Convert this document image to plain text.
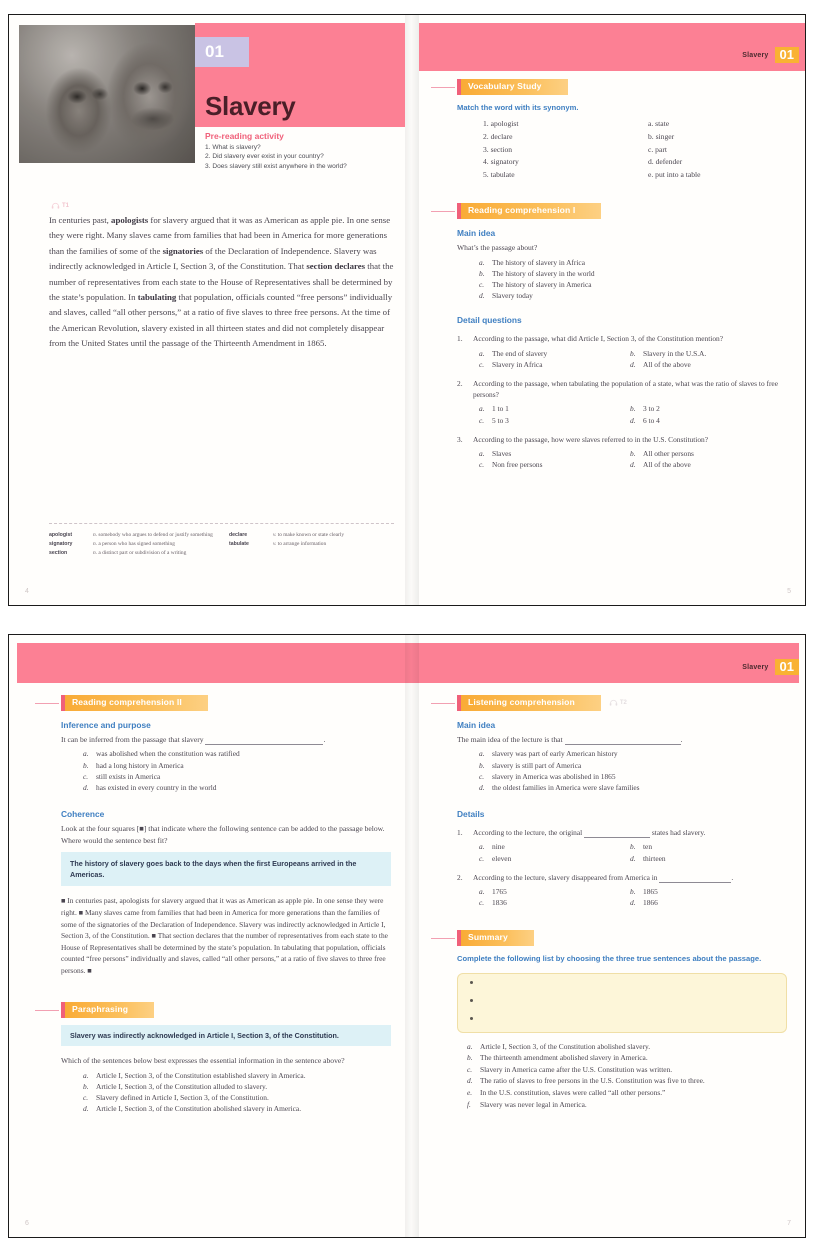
01
Slavery
Pre-reading activity
1. What is slavery?
2. Did slavery ever exist in your country?
3. Does slavery still exist anywhere in the world?
Slavery 01
T1
In centuries past, apologists for slavery argued that it was as American as apple pie. In one sense they were right. Many slaves came from families that had been in America for more generations than the families of some of the signatories of the Declaration of Independence. Slavery was indirectly acknowledged in Article I, Section 3, of the Constitution. That section declares that the number of representatives from each state to the House of Representatives shall be determined by the state’s population. In tabulating that population, officials counted “free persons” individually and slaves, called “all other persons,” at a ratio of five slaves to three free persons. At the time of the American Revolution, slavery existed in all thirteen states and did not completely disappear from the United States until the passage of the Thirteenth Amendment in 1865.
apologist	n. somebody who argues to defend or justify something
signatory	n. a person who has signed something
section	n. a distinct part or subdivision of a writing
declare	v. to make known or state clearly
tabulate	v. to arrange information
4
Vocabulary Study
Match the word with its synonym.
1. apologist
2. declare
3. section
4. signatory
5. tabulate
a. state
b. singer
c. part
d. defender
e. put into a table
Reading comprehension I
Main idea
What’s the passage about?
a.	The history of slavery in Africa
b.	The history of slavery in the world
c.	The history of slavery in America
d.	Slavery today
Detail questions
1.	According to the passage, what did Article I, Section 3, of the Constitution mention?
a.	The end of slavery	b.	Slavery in the U.S.A.
c.	Slavery in Africa	d.	All of the above
2.	According to the passage, when tabulating the population of a state, what was the ratio of slaves to free persons?
a.	1 to 1	b.	3 to 2
c.	5 to 3	d.	6 to 4
3.	According to the passage, how were slaves referred to in the U.S. Constitution?
a.	Slaves	b.	All other persons
c.	Non free persons	d.	All of the above
5
Slavery 01
Reading comprehension II
Inference and purpose
It can be inferred from the passage that slavery	.
a.	was abolished when the constitution was ratified
b.	had a long history in America
c.	still exists in America
d.	has existed in every country in the world
Coherence
Look at the four squares [■] that indicate where the following sentence can be added to the passage below. Where would the sentence best fit?
The history of slavery goes back to the days when the first Europeans arrived in the Americas.
■ In centuries past, apologists for slavery argued that it was as American as apple pie. In one sense they were right. ■ Many slaves came from families that had been in America for more generations than the families of some of the signatories of the Declaration of Independence. Slavery was indirectly acknowledged in Article I, Section 3, of the Constitution. ■ That section declares that the number of representatives from each state to the House of Representatives shall be determined by the state’s population. In tabulating that population, officials counted “free persons” individually and slaves, called “all other persons,” at a ratio of five slaves to three free persons. ■
Paraphrasing
Slavery was indirectly acknowledged in Article I, Section 3, of the Constitution.
Which of the sentences below best expresses the essential information in the sentence above?
a.	Article I, Section 3, of the Constitution established slavery in America.
b.	Article I, Section 3, of the Constitution alluded to slavery.
c.	Slavery defined in Article I, Section 3, of the Constitution.
d.	Article I, Section 3, of the Constitution abolished slavery in America.
6
Listening comprehension	T2
Main idea
The main idea of the lecture is that	.
a.	slavery was part of early American history
b.	slavery is still part of America
c.	slavery in America was abolished in 1865
d.	the oldest families in America were slave families
Details
1.	According to the lecture, the original	states had slavery.
a.	nine	b.	ten
c.	eleven	d.	thirteen
2.	According to the lecture, slavery disappeared from America in	.
a.	1765	b.	1865
c.	1836	d.	1866
Summary
Complete the following list by choosing the three true sentences about the passage.
a.	Article I, Section 3, of the Constitution abolished slavery.
b.	The thirteenth amendment abolished slavery in America.
c.	Slavery in America came after the U.S. Constitution was written.
d.	The ratio of slaves to free persons in the U.S. Constitution was five to three.
e.	In the U.S. constitution, slaves were called “all other persons.”
f.	Slavery was never legal in America.
7
